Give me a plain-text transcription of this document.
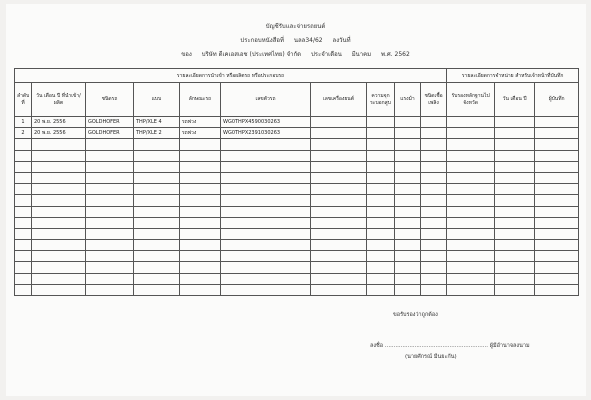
บัญชีรับและจ่ายรถยนต์
ประกอบหนังสือที่ นลล34/62 ลงวันที่
ของ บริษัท ดีเคเอสเอช (ประเทศไทย) จำกัด ประจำเดือน มีนาคม พ.ศ. 2562
รายละเอียดการนำเข้า หรือผลิตรถ หรือประกอบรถ										รายละเอียดการจำหน่าย สำหรับเจ้าหน้าที่บันทึก		
ลำดับที่	วัน เดือน ปี ที่นำเข้า/ผลิต	ชนิดรถ	แบบ	ลักษณะรถ	เลขตัวรถ	เลขเครื่องยนต์	ความจุกระบอกสูบ	แรงม้า	ชนิดเชื้อเพลิง	รับรองหลักฐานไปจังหวัด	วัน เดือน ปี	ผู้บันทึก
1	20 พ.ย. 2556	GOLDHOFER	THP/XLE 4	รถพ่วง	WG0THPX4590030263							
2	20 พ.ย. 2556	GOLDHOFER	THP/XLE 2	รถพ่วง	WG0THPX2391030263							

ขอรับรองว่าถูกต้อง
ลงชื่อ ........................................................... ผู้มีอำนาจลงนาม
(นายศักรณ์ มีนยะกัน)
